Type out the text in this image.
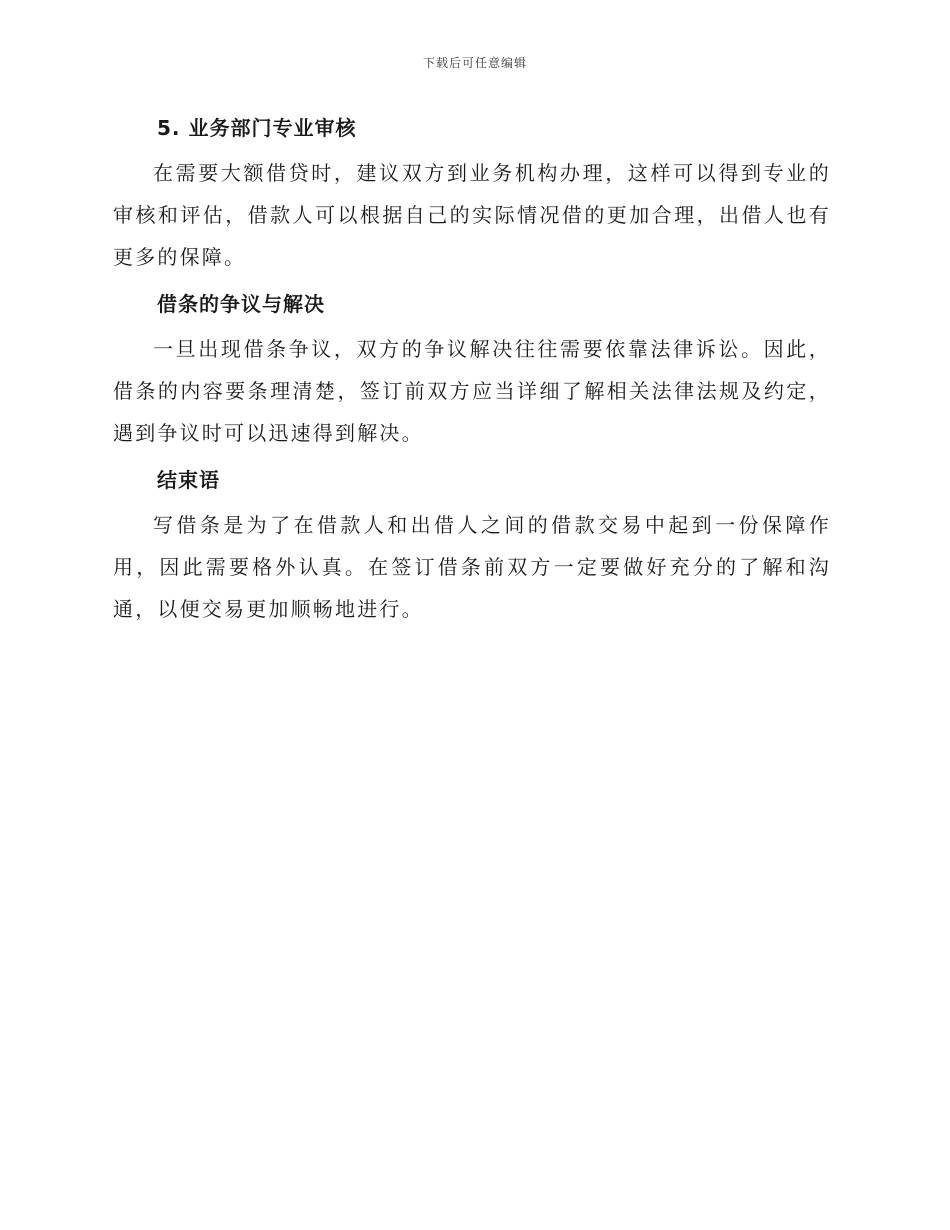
下载后可任意编辑
5. 业务部门专业审核

在需要大额借贷时，建议双方到业务机构办理，这样可以得到专业的审核和评估，借款人可以根据自己的实际情况借的更加合理，出借人也有更多的保障。

借条的争议与解决

一旦出现借条争议，双方的争议解决往往需要依靠法律诉讼。因此，借条的内容要条理清楚，签订前双方应当详细了解相关法律法规及约定，遇到争议时可以迅速得到解决。

结束语

写借条是为了在借款人和出借人之间的借款交易中起到一份保障作用，因此需要格外认真。在签订借条前双方一定要做好充分的了解和沟通，以便交易更加顺畅地进行。
